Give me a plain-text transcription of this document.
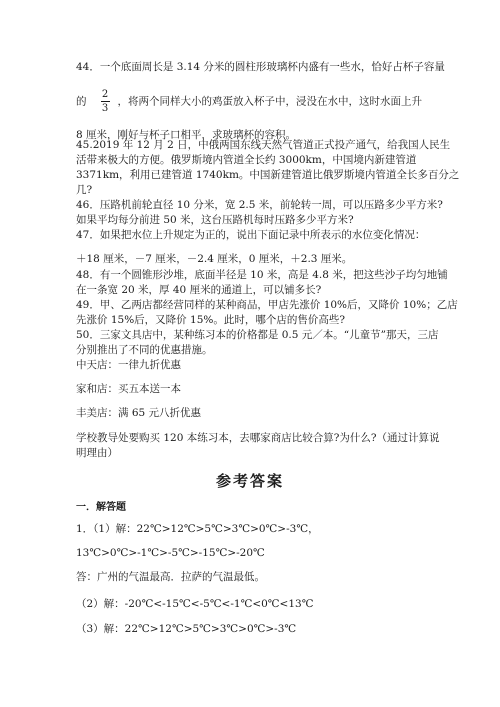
44．一个底面周长是 3.14 分米的圆柱形玻璃杯内盛有一些水，恰好占杯子容量
的 $\frac{2}{3}$ ，将两个同样大小的鸡蛋放入杯子中，浸没在水中，这时水面上升
8 厘米，刚好与杯子口相平，求玻璃杯的容积。
45.2019 年 12 月 2 日，中俄两国东线天然气管道正式投产通气，给我国人民生
活带来极大的方便。俄罗斯境内管道全长约 3000km，中国境内新建管道
3371km，利用已建管道 1740km。中国新建管道比俄罗斯境内管道全长多百分之
几?
46．压路机前轮直径 10 分米，宽 2.5 米，前轮转一周，可以压路多少平方米?
如果平均每分前进 50 米，这台压路机每时压路多少平方米?
47．如果把水位上升规定为正的，说出下面记录中所表示的水位变化情况：
＋18 厘米，－7 厘米，－2.4 厘米，0 厘米，＋2.3 厘米。
48．有一个圆锥形沙堆，底面半径是 10 米，高是 4.8 米，把这些沙子均匀地铺
在一条宽 20 米，厚 40 厘米的通道上，可以铺多长?
49．甲、乙两店都经营同样的某种商品，甲店先涨价 10%后，又降价 10%；乙店
先涨价 15%后，又降价 15%。此时，哪个店的售价高些?
50．三家文具店中，某种练习本的价格都是 0.5 元／本。“儿童节”那天，三店
分别推出了不同的优惠措施。
中天店：一律九折优惠
家和店：买五本送一本
丰美店：满 65 元八折优惠
学校教导处要购买 120 本练习本，去哪家商店比较合算?为什么?（通过计算说
明理由）
参考答案
一．解答题
1．（1）解：22℃>12℃>5℃>3℃>0℃>-3℃，
13℃>0℃>-1℃>-5℃>-15℃>-20℃
答：广州的气温最高．拉萨的气温最低。
（2）解：-20℃<-15℃<-5℃<-1℃<0℃<13℃
（3）解：22℃>12℃>5℃>3℃>0℃>-3℃
